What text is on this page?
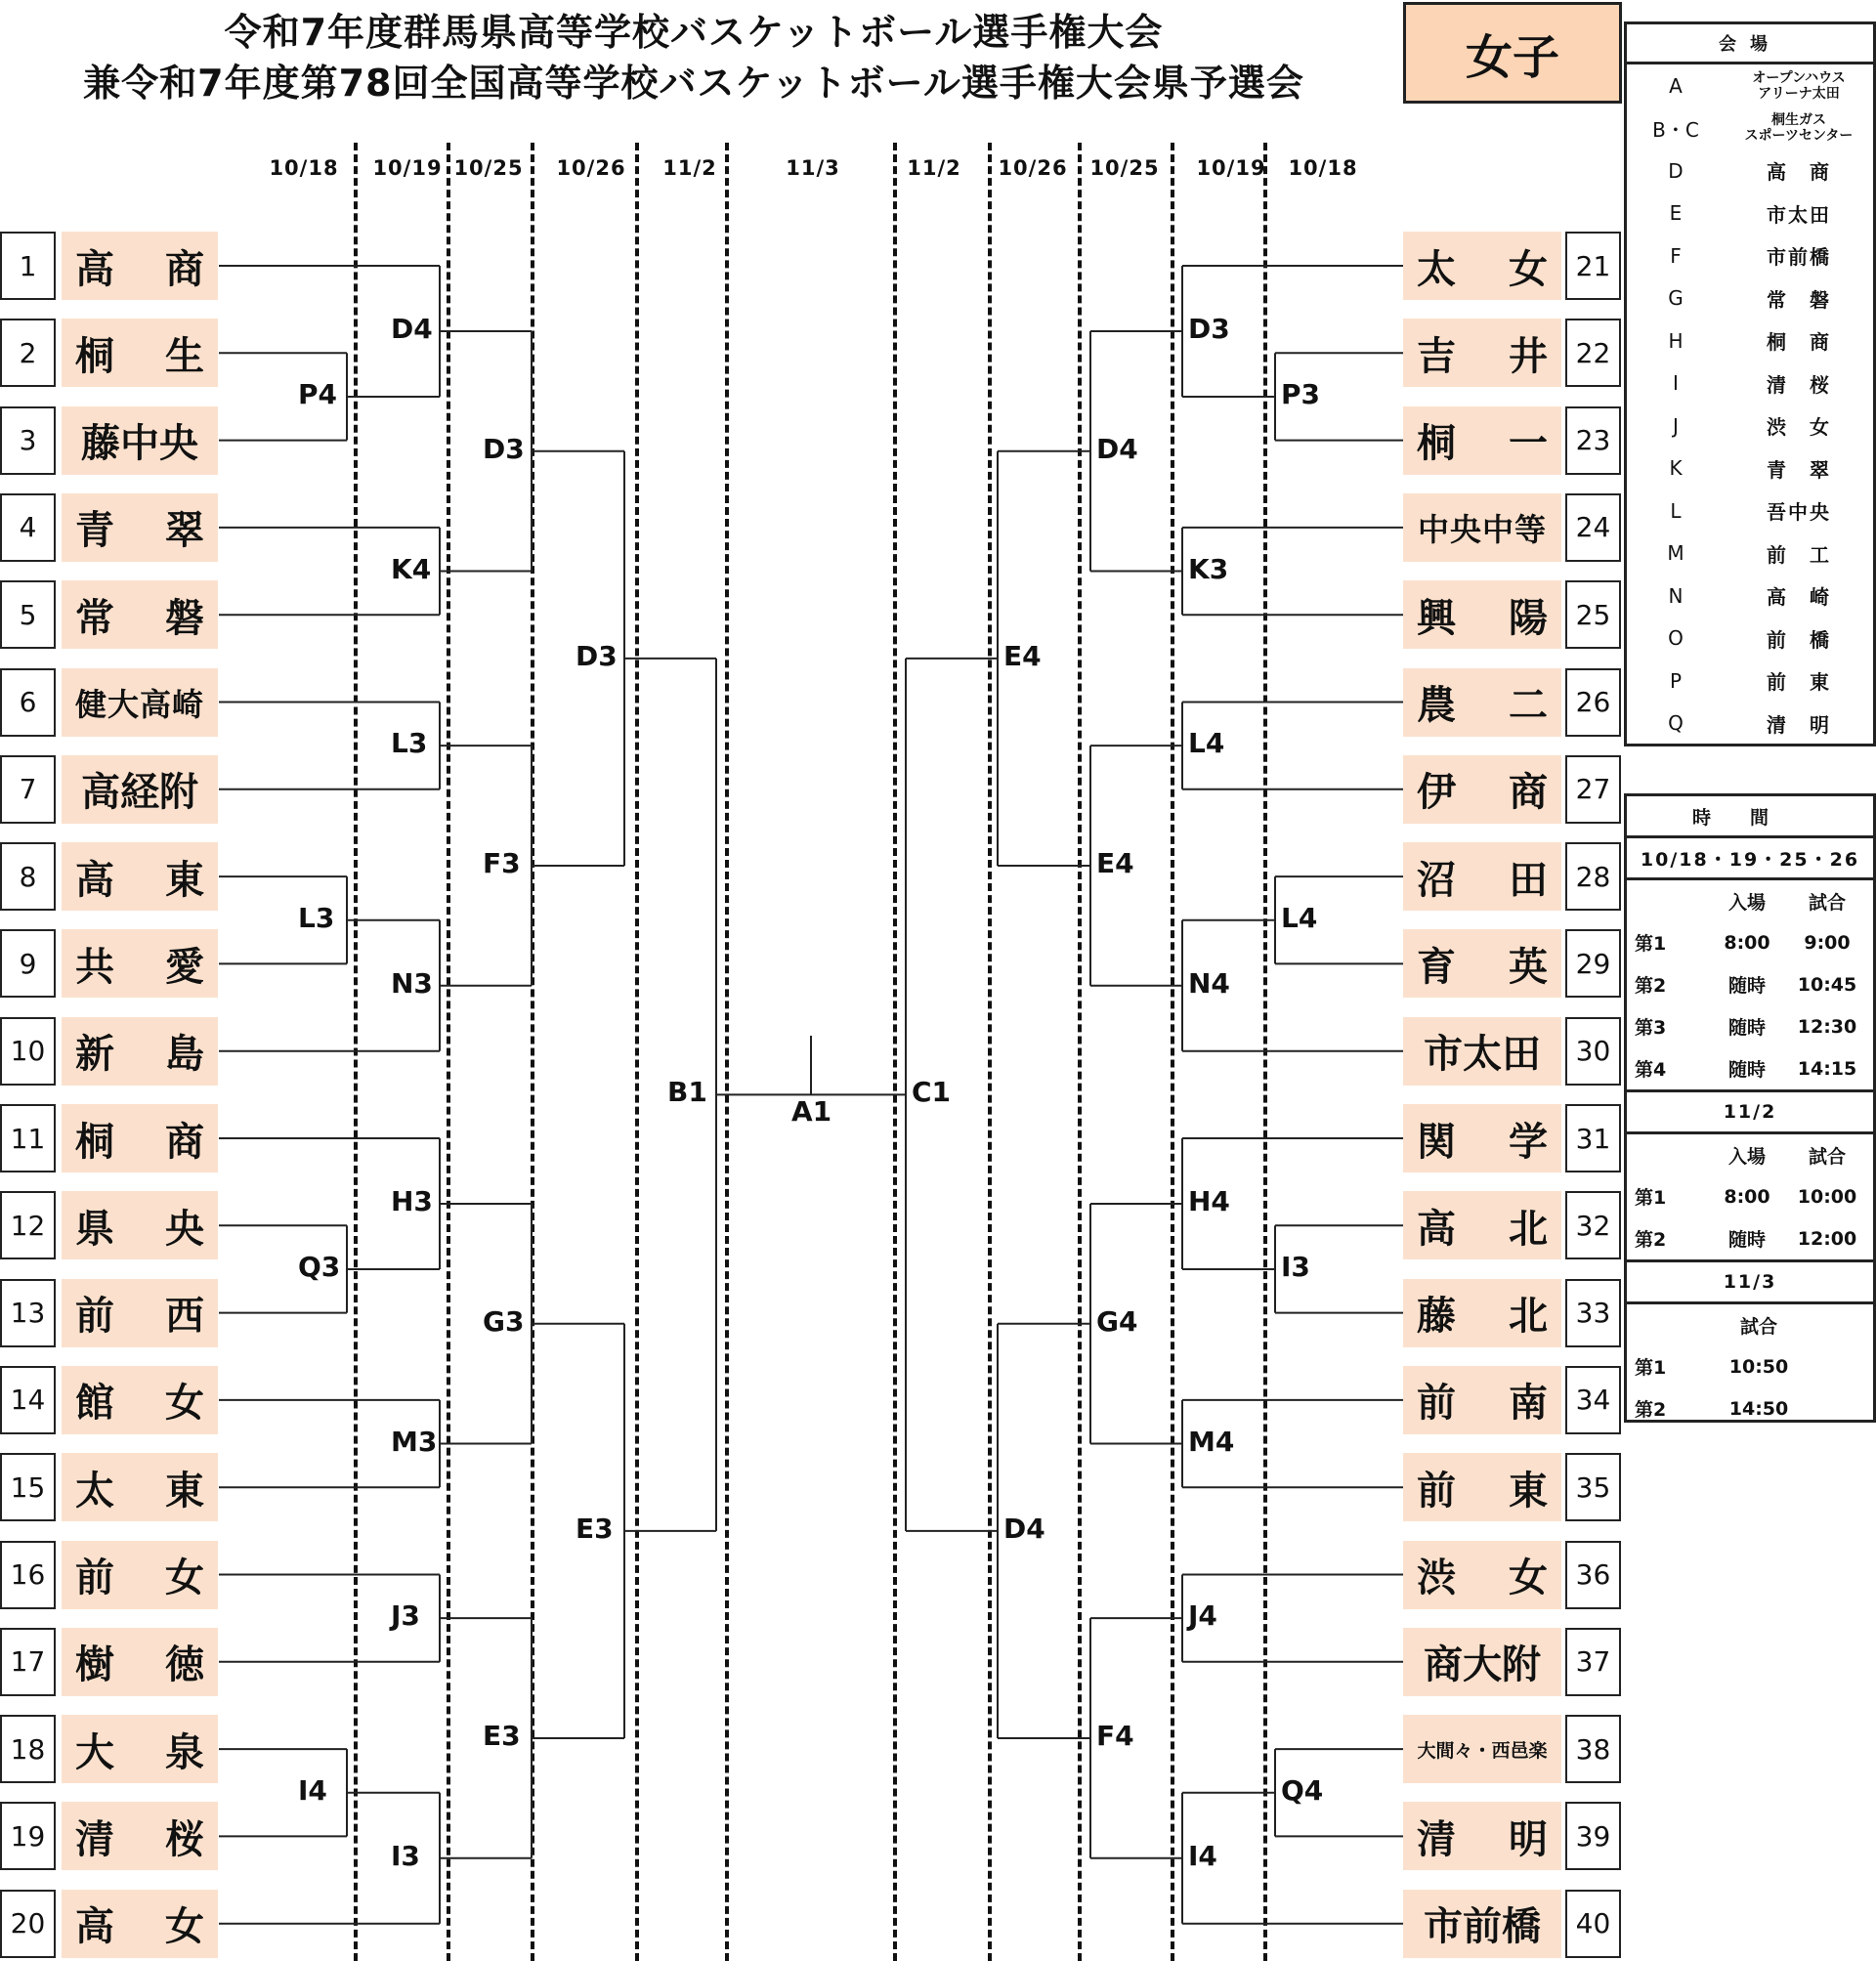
令和7年度群馬県高等学校バスケットボール選手権大会
兼令和7年度第78回全国高等学校バスケットボール選手権大会県予選会	女子
10/18	10/19 10/25	10/26	11/2	11/3	11/2	10/26	10/25	10/19	10/18
1 高 商
2 桐 生
3	藤中央
4 青 翠
5 常 磐
6	健大高崎
7	高経附
8 高 東
9 共 愛
10 新 島
11 桐 商
12 県 央
13 前 西
14 館 女
15 太 東
16 前 女
17 樹 徳
18 大 泉
19 清 桜
20 高 女
21
太 女
22
吉 井
23
桐 一
24
中央中等
25
興 陽
26
農 二
27
伊 商
28
沼 田
29
育 英
30
市太田
31
関 学
32
高 北
33
藤 北
34
前 南
35
前 東
36
渋 女
37
商大附
38
大間々・西邑楽
39
清 明
40
市前橋
P4
L3
Q3
I4
D4
K4
L3
N3
H3
M3
J3
I3
D3
F3
G3
E3
D3
E3
B1
P3
L4
I3
Q4
D3
K3
L4
N4
H4
M4
J4
I4
D4
E4
G4
F4
E4
D4
C1
A1
会場
A	オープンハウス
アリーナ太田
B・C	桐生ガス
スポーツセンター
D	高　商
E	市太田
F	市前橋
G	常　磐
H	桐　商
I	清　桜
J	渋　女
K	青　翠
L	吾中央
M	前　工
N	高　崎
O	前　橋
P	前　東
Q	清　明
時間
10/18・19・25・26
入場	試合
第1	8:00	9:00
第2	随時	10:45
第3	随時	12:30
第4	随時	14:15
11/2
入場	試合
第1	8:00	10:00
第2	随時	12:00
11/3
試合
第1	10:50
第2	14:50
